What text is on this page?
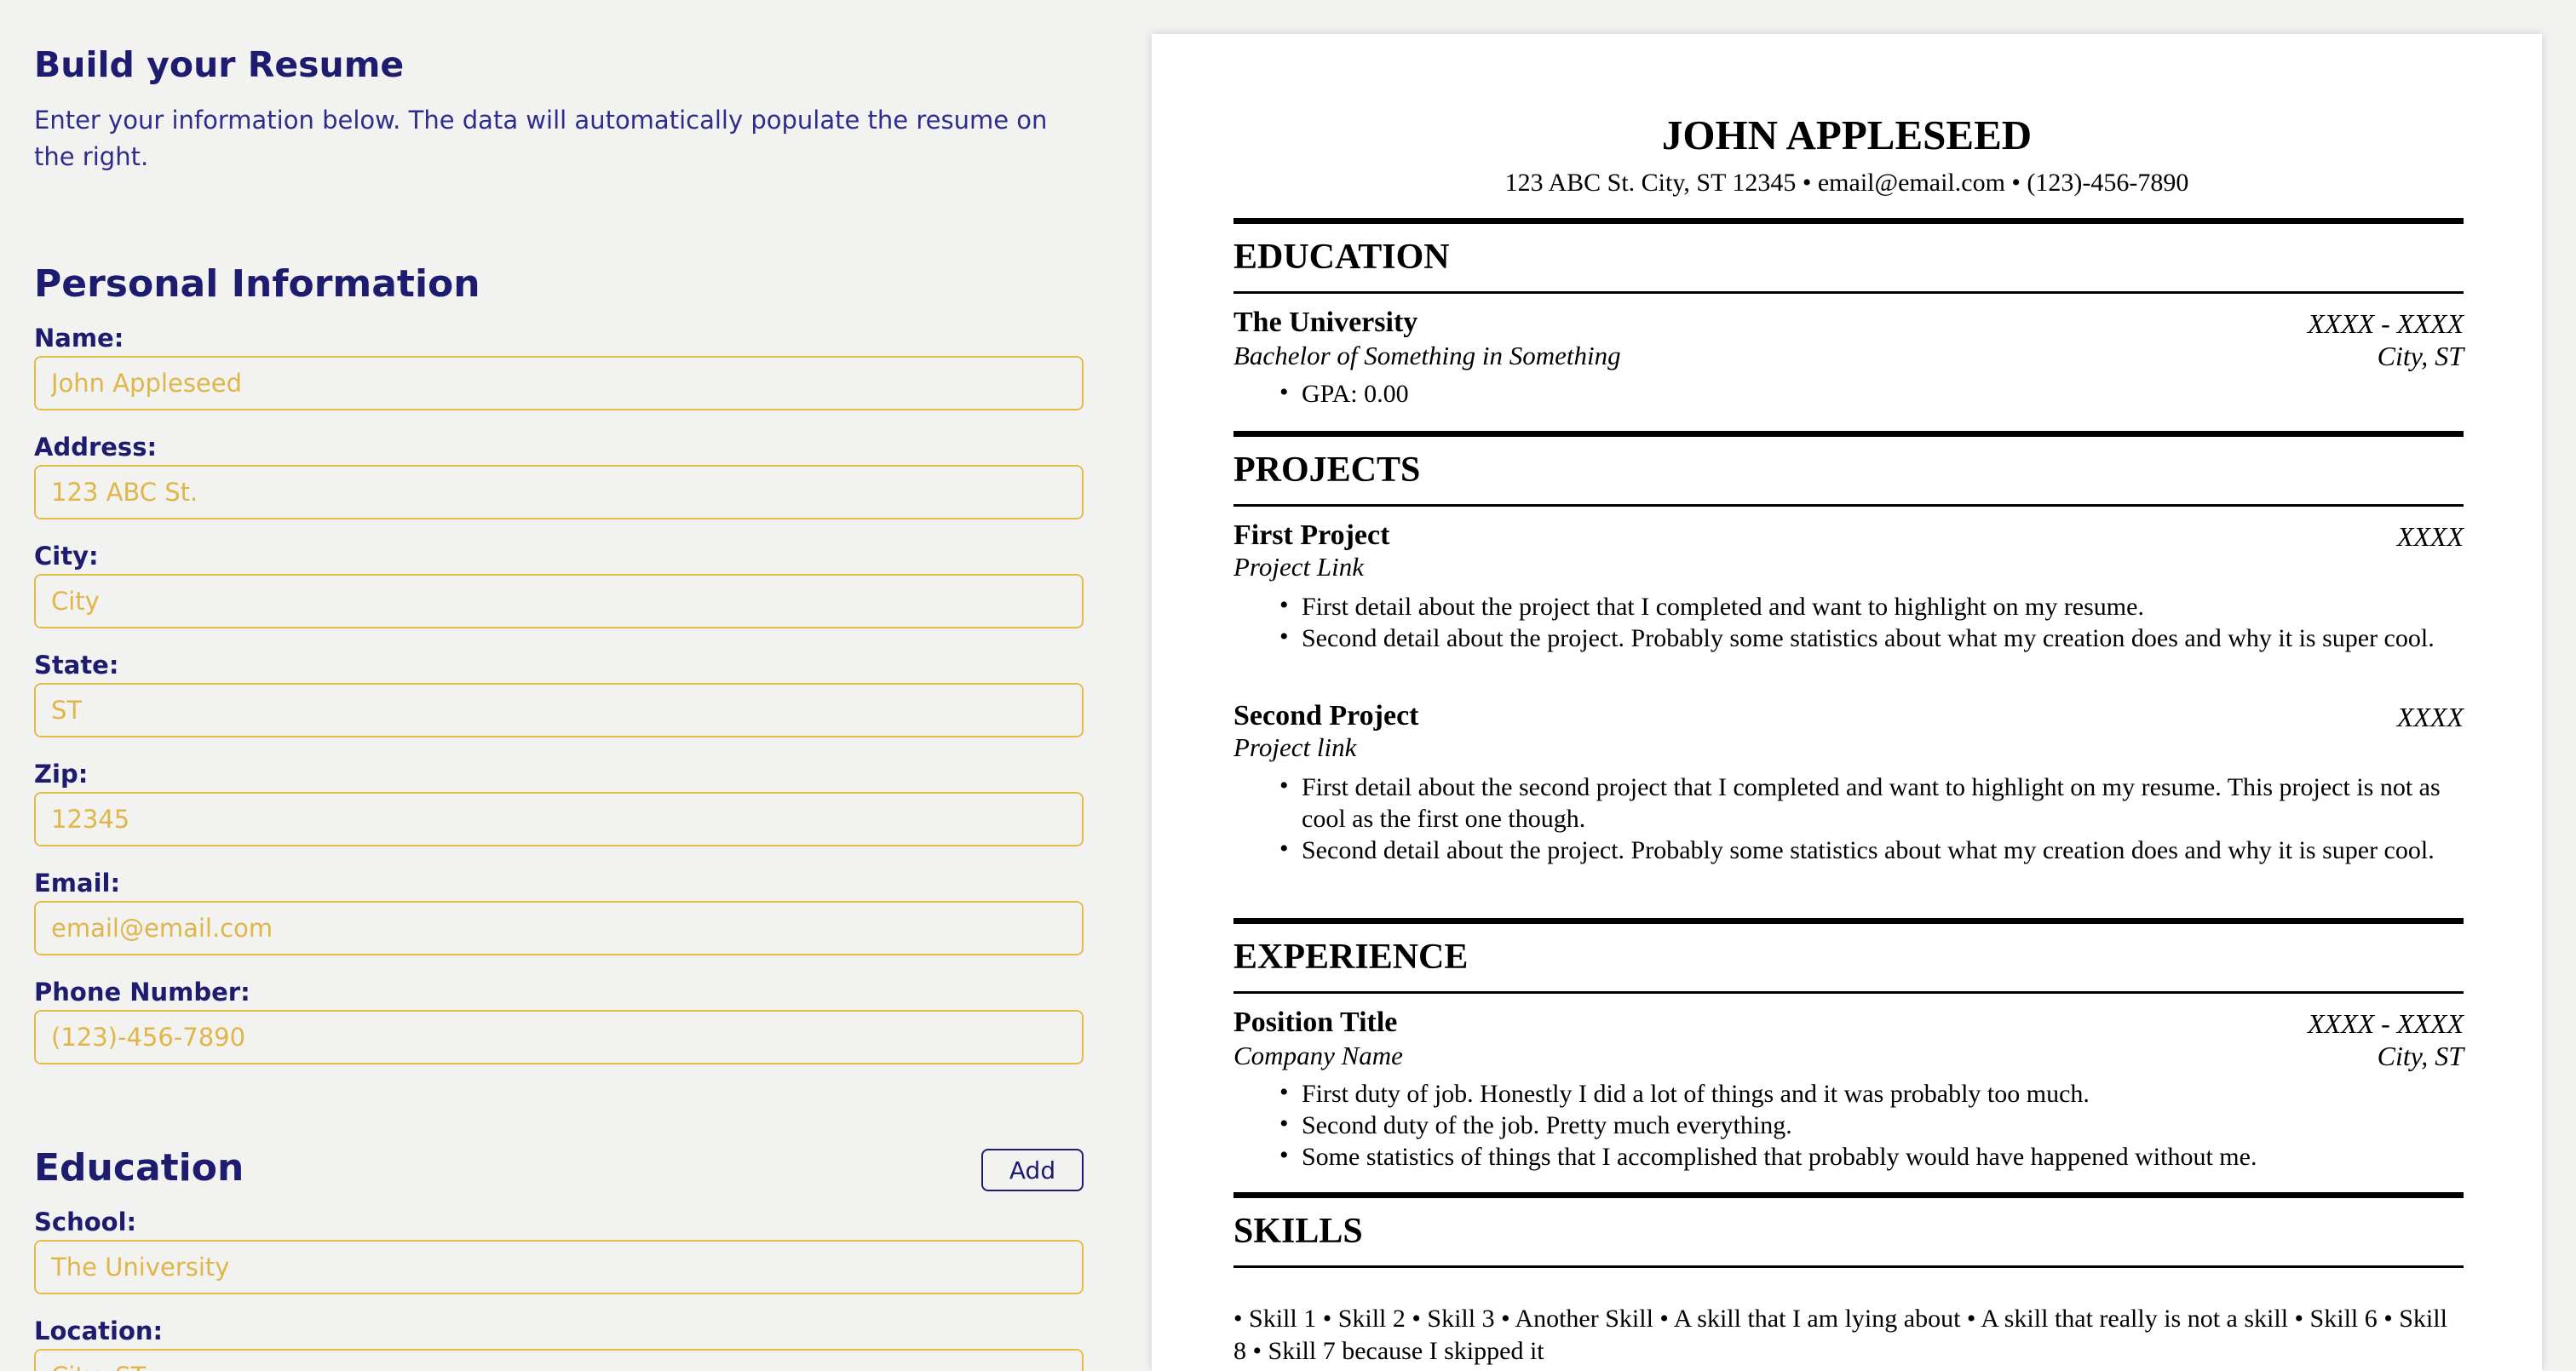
Build your Resume
Enter your information below. The data will automatically populate the resume on the right.
Personal Information
Name:
John Appleseed
Address:
123 ABC St.
City:
City
State:
ST
Zip:
12345
Email:
email@email.com
Phone Number:
(123)-456-7890
Education	Add
School:
The University
Location:
City, ST
JOHN APPLESEED
123 ABC St. City, ST 12345 • email@email.com • (123)-456-7890
EDUCATION
The University	XXXX - XXXX
Bachelor of Something in Something	City, ST
• GPA: 0.00
PROJECTS
First Project	XXXX
Project Link
• First detail about the project that I completed and want to highlight on my resume.
• Second detail about the project. Probably some statistics about what my creation does and why it is super cool.
Second Project	XXXX
Project link
• First detail about the second project that I completed and want to highlight on my resume. This project is not as cool as the first one though.
• Second detail about the project. Probably some statistics about what my creation does and why it is super cool.
EXPERIENCE
Position Title	XXXX - XXXX
Company Name	City, ST
• First duty of job. Honestly I did a lot of things and it was probably too much.
• Second duty of the job. Pretty much everything.
• Some statistics of things that I accomplished that probably would have happened without me.
SKILLS
• Skill 1 • Skill 2 • Skill 3 • Another Skill • A skill that I am lying about • A skill that really is not a skill • Skill 6 • Skill 8 • Skill 7 because I skipped it
